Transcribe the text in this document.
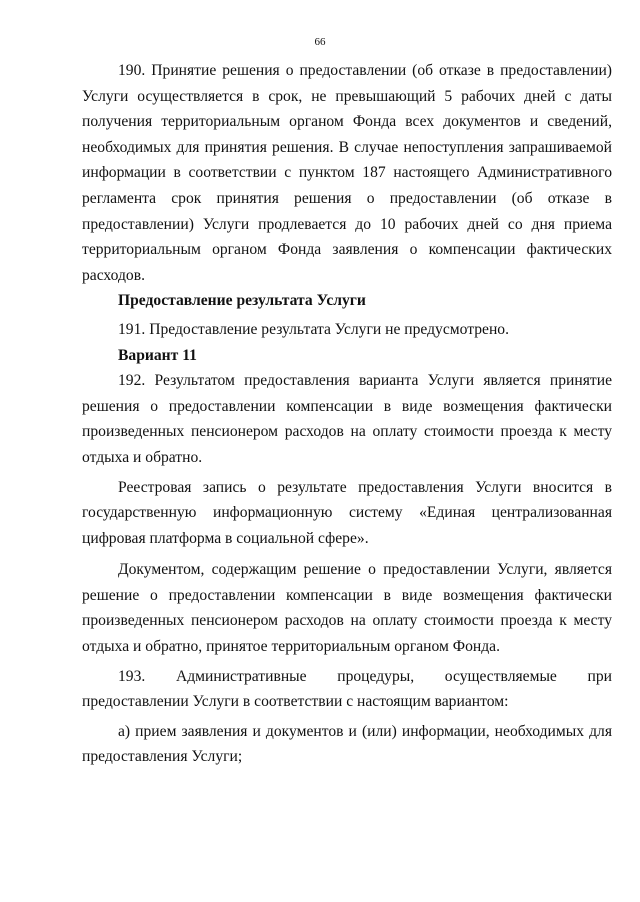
66

190. Принятие решения о предоставлении (об отказе в предоставлении) Услуги осуществляется в срок, не превышающий 5 рабочих дней с даты получения территориальным органом Фонда всех документов и сведений, необходимых для принятия решения. В случае непоступления запрашиваемой информации в соответствии с пунктом 187 настоящего Административного регламента срок принятия решения о предоставлении (об отказе в предоставлении) Услуги продлевается до 10 рабочих дней со дня приема территориальным органом Фонда заявления о компенсации фактических расходов.

Предоставление результата Услуги

191. Предоставление результата Услуги не предусмотрено.

Вариант 11

192. Результатом предоставления варианта Услуги является принятие решения о предоставлении компенсации в виде возмещения фактически произведенных пенсионером расходов на оплату стоимости проезда к месту отдыха и обратно.

Реестровая запись о результате предоставления Услуги вносится в государственную информационную систему «Единая централизованная цифровая платформа в социальной сфере».

Документом, содержащим решение о предоставлении Услуги, является решение о предоставлении компенсации в виде возмещения фактически произведенных пенсионером расходов на оплату стоимости проезда к месту отдыха и обратно, принятое территориальным органом Фонда.

193. Административные процедуры, осуществляемые при предоставлении Услуги в соответствии с настоящим вариантом:

а) прием заявления и документов и (или) информации, необходимых для предоставления Услуги;
